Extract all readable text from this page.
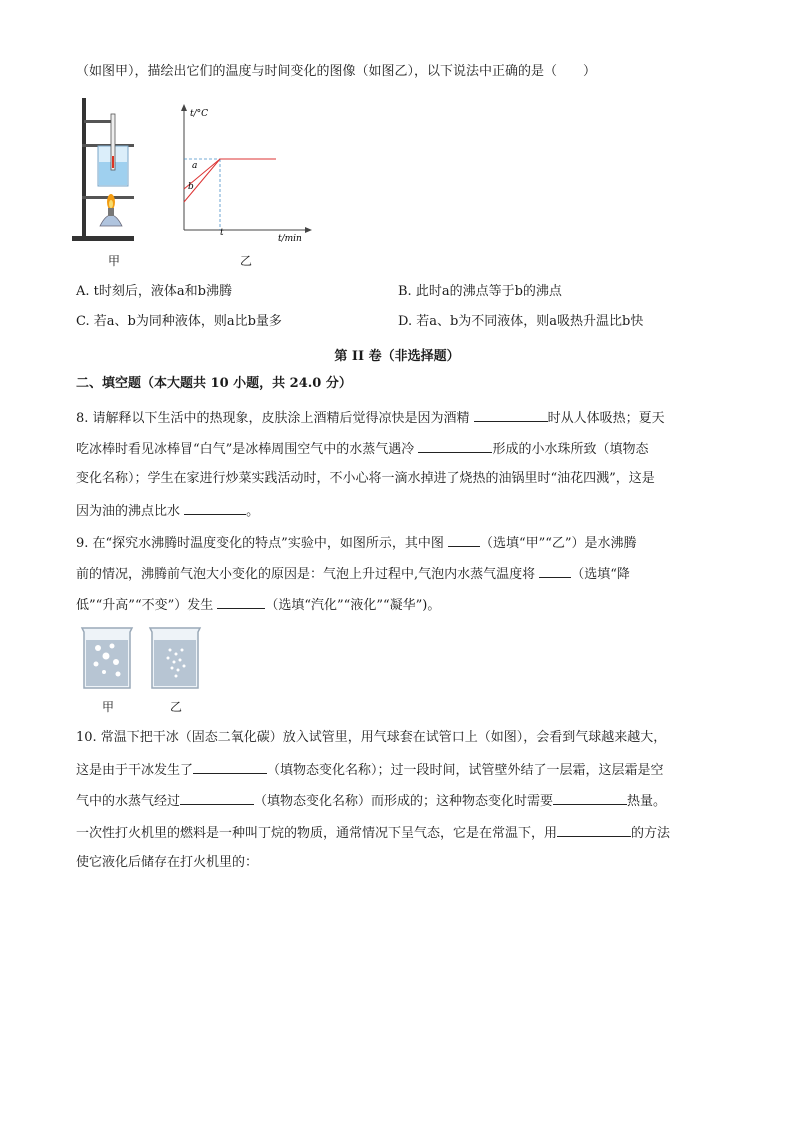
（如图甲），描绘出它们的温度与时间变化的图像（如图乙），以下说法中正确的是（　　）
甲
t/°C
t/min
a
b
t
乙
A. t时刻后，液体a和b沸腾	B. 此时a的沸点等于b的沸点
C. 若a、b为同种液体，则a比b量多	D. 若a、b为不同液体，则a吸热升温比b快
第 II 卷（非选择题）
二、填空题（本大题共 10 小题，共 24.0 分）
8. 请解释以下生活中的热现象，皮肤涂上酒精后觉得凉快是因为酒精	时从人体吸热；夏天
吃冰棒时看见冰棒冒“白气”是冰棒周围空气中的水蒸气遇冷	形成的小水珠所致（填物态
变化名称）；学生在家进行炒菜实践活动时，不小心将一滴水掉进了烧热的油锅里时“油花四溅”，这是
因为油的沸点比水	。
9. 在“探究水沸腾时温度变化的特点”实验中，如图所示，其中图 （选填“甲”“乙”）是水沸腾
前的情况，沸腾前气泡大小变化的原因是：气泡上升过程中,气泡内水蒸气温度将 （选填“降
低”“升高”“不变”）发生	（选填“汽化”“液化”“凝华”)。
甲	乙
10. 常温下把干冰（固态二氧化碳）放入试管里，用气球套在试管口上（如图），会看到气球越来越大，
这是由于干冰发生了	（填物态变化名称）；过一段时间，试管壁外结了一层霜，这层霜是空
气中的水蒸气经过	（填物态变化名称）而形成的；这种物态变化时需要	热量。
一次性打火机里的燃料是一种叫丁烷的物质，通常情况下呈气态，它是在常温下，用	的方法
使它液化后储存在打火机里的：
